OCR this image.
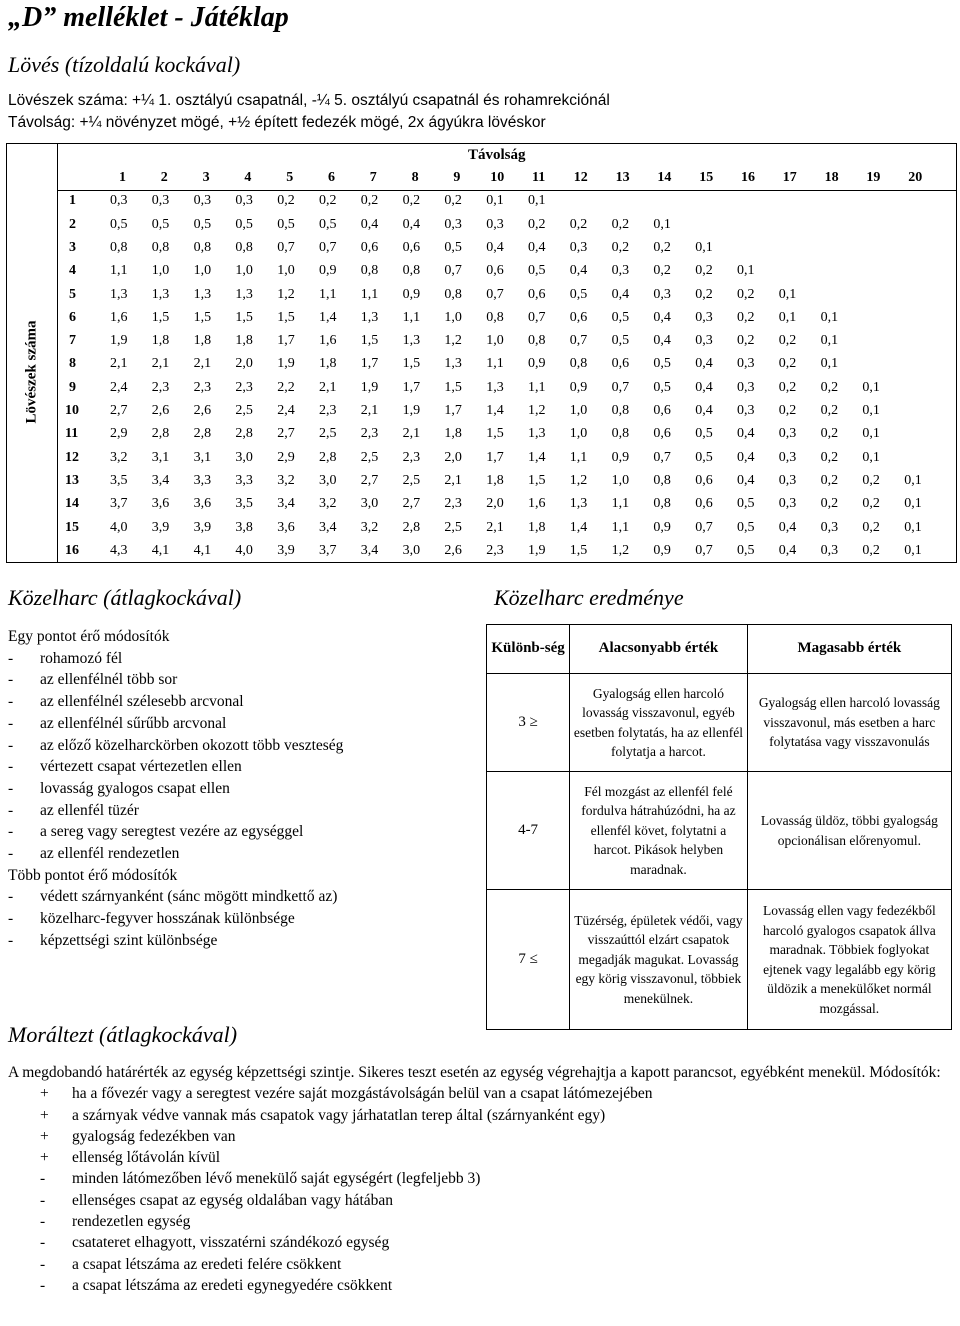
„D” melléklet - Játéklap
Lövés (tízoldalú kockával)
Lövészek száma: +¼ 1. osztályú csapatnál, -¼ 5. osztályú csapatnál és rohamrekciónál
Távolság: +¼ növényzet mögé, +½ épített fedezék mögé, 2x ágyúkra lövéskor
Távolság
1 2 3 4 5 6 7 8 9 10 11 12 13 14 15 16 17 18 19 20
1 0,3 0,3 0,3 0,3 0,2 0,2 0,2 0,2 0,2 0,1 0,1
2 0,5 0,5 0,5 0,5 0,5 0,5 0,4 0,4 0,3 0,3 0,2 0,2 0,2 0,1
3 0,8 0,8 0,8 0,8 0,7 0,7 0,6 0,6 0,5 0,4 0,4 0,3 0,2 0,2 0,1
4 1,1 1,0 1,0 1,0 1,0 0,9 0,8 0,8 0,7 0,6 0,5 0,4 0,3 0,2 0,2 0,1
5 1,3 1,3 1,3 1,3 1,2 1,1 1,1 0,9 0,8 0,7 0,6 0,5 0,4 0,3 0,2 0,2 0,1
6 1,6 1,5 1,5 1,5 1,5 1,4 1,3 1,1 1,0 0,8 0,7 0,6 0,5 0,4 0,3 0,2 0,1 0,1
7 1,9 1,8 1,8 1,8 1,7 1,6 1,5 1,3 1,2 1,0 0,8 0,7 0,5 0,4 0,3 0,2 0,2 0,1
8 2,1 2,1 2,1 2,0 1,9 1,8 1,7 1,5 1,3 1,1 0,9 0,8 0,6 0,5 0,4 0,3 0,2 0,1
9 2,4 2,3 2,3 2,3 2,2 2,1 1,9 1,7 1,5 1,3 1,1 0,9 0,7 0,5 0,4 0,3 0,2 0,2 0,1
10 2,7 2,6 2,6 2,5 2,4 2,3 2,1 1,9 1,7 1,4 1,2 1,0 0,8 0,6 0,4 0,3 0,2 0,2 0,1
11 2,9 2,8 2,8 2,8 2,7 2,5 2,3 2,1 1,8 1,5 1,3 1,0 0,8 0,6 0,5 0,4 0,3 0,2 0,1
12 3,2 3,1 3,1 3,0 2,9 2,8 2,5 2,3 2,0 1,7 1,4 1,1 0,9 0,7 0,5 0,4 0,3 0,2 0,1
13 3,5 3,4 3,3 3,3 3,2 3,0 2,7 2,5 2,1 1,8 1,5 1,2 1,0 0,8 0,6 0,4 0,3 0,2 0,2 0,1
14 3,7 3,6 3,6 3,5 3,4 3,2 3,0 2,7 2,3 2,0 1,6 1,3 1,1 0,8 0,6 0,5 0,3 0,2 0,2 0,1
15 4,0 3,9 3,9 3,8 3,6 3,4 3,2 2,8 2,5 2,1 1,8 1,4 1,1 0,9 0,7 0,5 0,4 0,3 0,2 0,1
16 4,3 4,1 4,1 4,0 3,9 3,7 3,4 3,0 2,6 2,3 1,9 1,5 1,2 0,9 0,7 0,5 0,4 0,3 0,2 0,1
Lövészek száma
Közelharc (átlagkockával)
Egy pontot érő módosítók
- rohamozó fél
- az ellenfélnél több sor
- az ellenfélnél szélesebb arcvonal
- az ellenfélnél sűrűbb arcvonal
- az előző közelharckörben okozott több veszteség
- vértezett csapat vértezetlen ellen
- lovasság gyalogos csapat ellen
- az ellenfél tüzér
- a sereg vagy seregtest vezére az egységgel
- az ellenfél rendezetlen
Több pontot érő módosítók
- védett szárnyanként (sánc mögött mindkettő az)
- közelharc-fegyver hosszának különbsége
- képzettségi szint különbsége
Közelharc eredménye
Különb-ség	Alacsonyabb érték	Magasabb érték
3 ≥	Gyalogság ellen harcoló lovasság visszavonul, egyéb esetben folytatás, ha az ellenfél folytatja a harcot.	Gyalogság ellen harcoló lovasság visszavonul, más esetben a harc folytatása vagy visszavonulás
4-7	Fél mozgást az ellenfél felé fordulva hátrahúzódni, ha az ellenfél követ, folytatni a harcot. Pikások helyben maradnak.	Lovasság üldöz, többi gyalogság opcionálisan előrenyomul.
7 ≤	Tüzérség, épületek védői, vagy visszaúttól elzárt csapatok megadják magukat. Lovasság egy körig visszavonul, többiek menekülnek.	Lovasság ellen vagy fedezékből harcoló gyalogos csapatok állva maradnak. Többiek foglyokat ejtenek vagy legalább egy körig üldözik a menekülőket normál mozgással.
Moráltezt (átlagkockával)
A megdobandó határérték az egység képzettségi szintje. Sikeres teszt esetén az egység végrehajtja a kapott parancsot, egyébként menekül. Módosítók:
+ ha a fővezér vagy a seregtest vezére saját mozgástávolságán belül van a csapat látómezejében
+ a szárnyak védve vannak más csapatok vagy járhatatlan terep által (szárnyanként egy)
+ gyalogság fedezékben van
+ ellenség lőtávolán kívül
- minden látómezőben lévő menekülő saját egységért (legfeljebb 3)
- ellenséges csapat az egység oldalában vagy hátában
- rendezetlen egység
- csatateret elhagyott, visszatérni szándékozó egység
- a csapat létszáma az eredeti felére csökkent
- a csapat létszáma az eredeti egynegyedére csökkent
